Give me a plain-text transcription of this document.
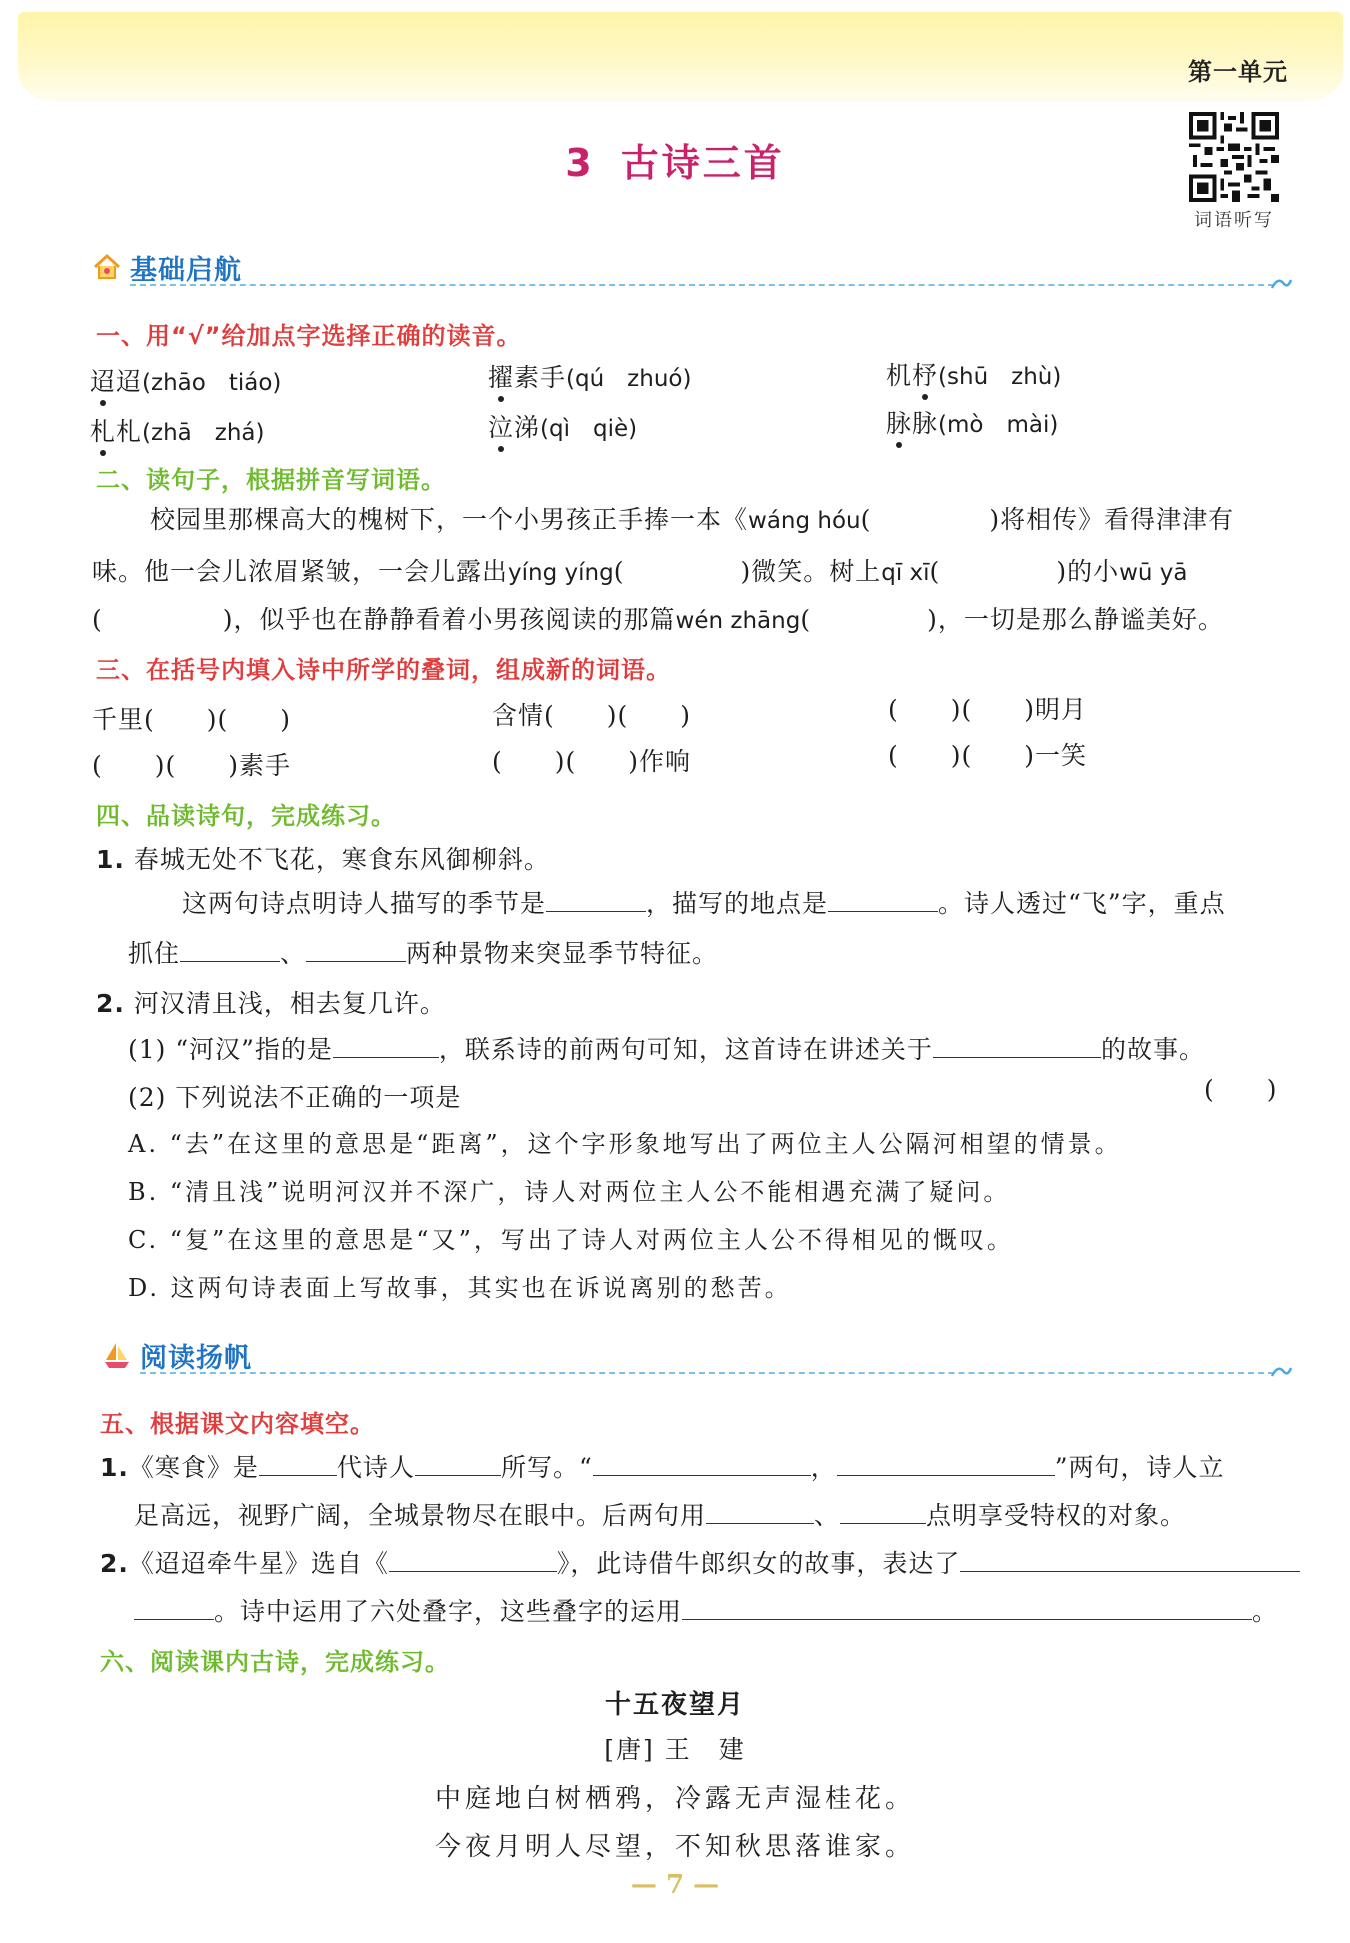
第一单元
3 古诗三首
词语听写
基础启航
一、用“√”给加点字选择正确的读音。
迢迢(zhāo　tiáo)	擢素手(qú　zhuó)	机杼(shū　zhù)
札札(zhā　zhá)	泣涕(qì　qiè)	脉脉(mò　mài)
二、读句子，根据拼音写词语。
校园里那棵高大的槐树下，一个小男孩正手捧一本《wáng hóu(	)将相传》看得津津有
味。他一会儿浓眉紧皱，一会儿露出yíng yíng(	)微笑。树上qī xī(	)的小wū yā
(	)，似乎也在静静看着小男孩阅读的那篇wén zhāng(	)，一切是那么静谧美好。
三、在括号内填入诗中所学的叠词，组成新的词语。
千里(　　)(　　)	含情(　　)(　　)	(　　)(　　)明月
(　　)(　　)素手	(　　)(　　)作响	(　　)(　　)一笑
四、品读诗句，完成练习。
1. 春城无处不飞花，寒食东风御柳斜。
这两句诗点明诗人描写的季节是	，描写的地点是	。诗人透过“飞”字，重点
抓住	、	两种景物来突显季节特征。
2. 河汉清且浅，相去复几许。
(1) “河汉”指的是	，联系诗的前两句可知，这首诗在讲述关于	的故事。
(2) 下列说法不正确的一项是	(　　)
A. “去”在这里的意思是“距离”，这个字形象地写出了两位主人公隔河相望的情景。
B. “清且浅”说明河汉并不深广，诗人对两位主人公不能相遇充满了疑问。
C. “复”在这里的意思是“又”，写出了诗人对两位主人公不得相见的慨叹。
D. 这两句诗表面上写故事，其实也在诉说离别的愁苦。
阅读扬帆
五、根据课文内容填空。
1.《寒食》是	代诗人	所写。“	，	”两句，诗人立
足高远，视野广阔，全城景物尽在眼中。后两句用	、	点明享受特权的对象。
2.《迢迢牵牛星》选自《	》，此诗借牛郎织女的故事，表达了
。诗中运用了六处叠字，这些叠字的运用	。
六、阅读课内古诗，完成练习。
十五夜望月
[唐] 王　建
中庭地白树栖鸦，冷露无声湿桂花。
今夜月明人尽望，不知秋思落谁家。
— 7 —
